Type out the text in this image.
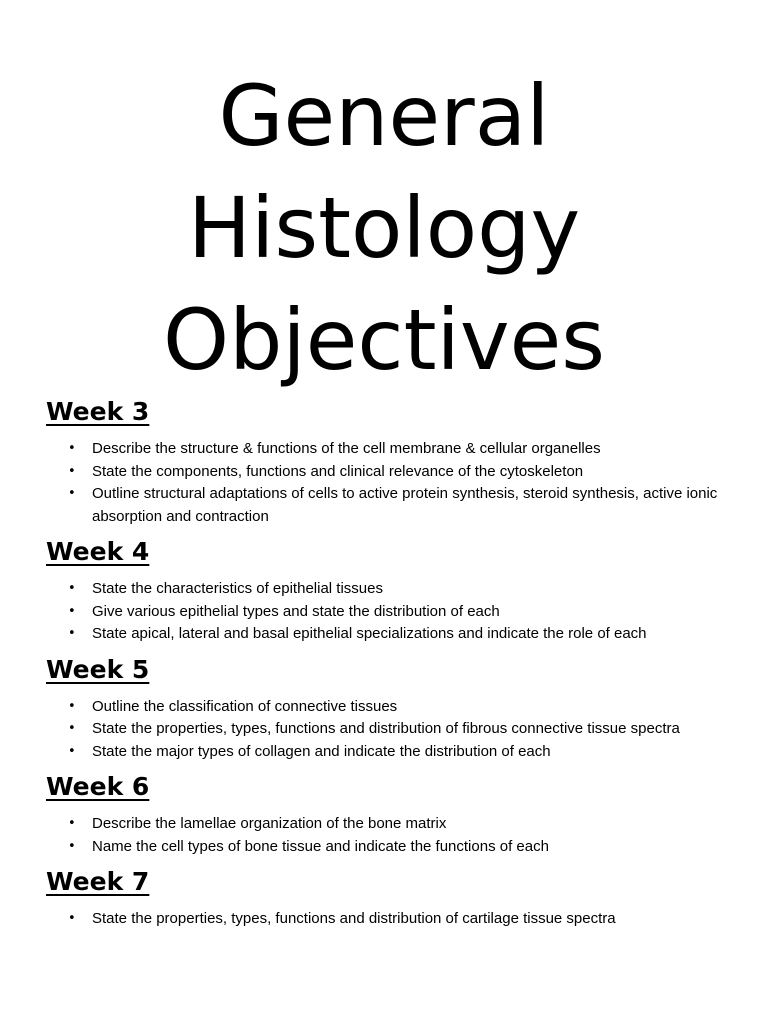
General
Histology
Objectives
Week 3
• Describe the structure & functions of the cell membrane & cellular organelles
• State the components, functions and clinical relevance of the cytoskeleton
• Outline structural adaptations of cells to active protein synthesis, steroid synthesis, active ionic absorption and contraction
Week 4
• State the characteristics of epithelial tissues
• Give various epithelial types and state the distribution of each
• State apical, lateral and basal epithelial specializations and indicate the role of each
Week 5
• Outline the classification of connective tissues
• State the properties, types, functions and distribution of fibrous connective tissue spectra
• State the major types of collagen and indicate the distribution of each
Week 6
• Describe the lamellae organization of the bone matrix
• Name the cell types of bone tissue and indicate the functions of each
Week 7
• State the properties, types, functions and distribution of cartilage tissue spectra
